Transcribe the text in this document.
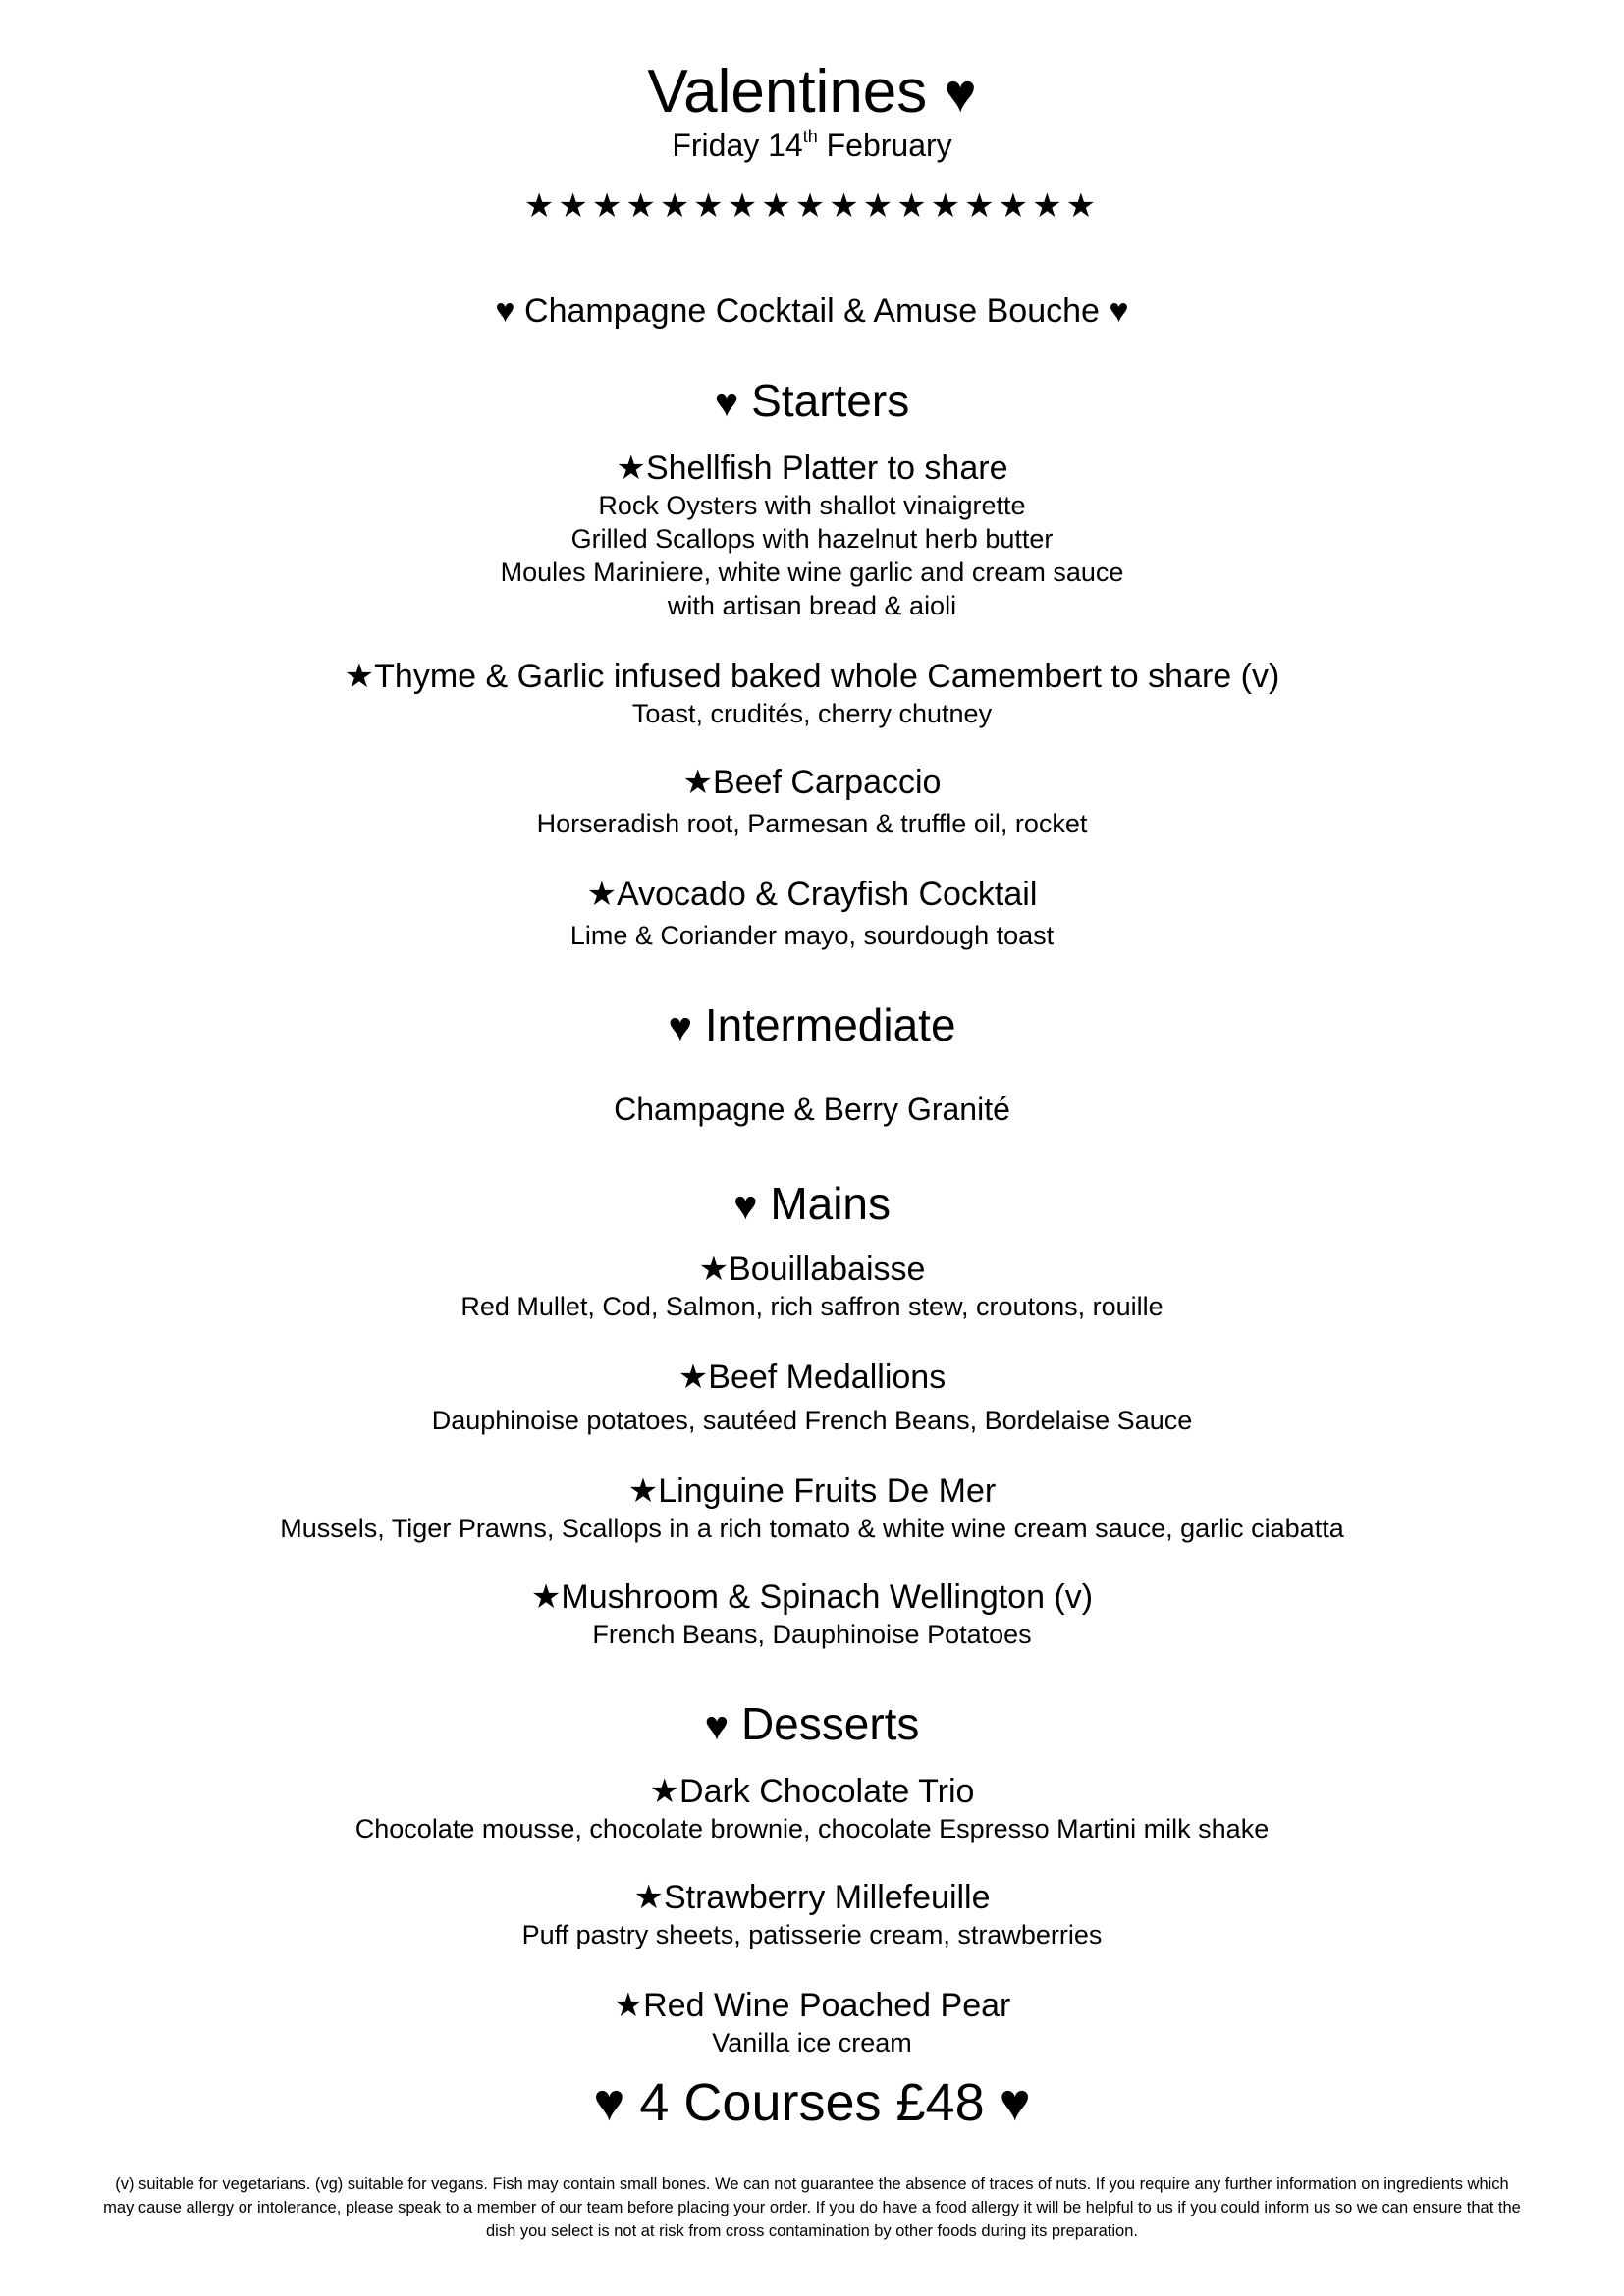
Valentines ♥
Friday 14th February
★★★★★★★★★★★★★★★★★
♥ Champagne Cocktail & Amuse Bouche ♥
♥ Starters
★Shellfish Platter to share
Rock Oysters with shallot vinaigrette
Grilled Scallops with hazelnut herb butter
Moules Mariniere, white wine garlic and cream sauce
with artisan bread & aioli
★Thyme & Garlic infused baked whole Camembert to share (v)
Toast, crudités, cherry chutney
★Beef Carpaccio
Horseradish root, Parmesan & truffle oil, rocket
★Avocado & Crayfish Cocktail
Lime & Coriander mayo, sourdough toast
♥ Intermediate
Champagne & Berry Granité
♥ Mains
★Bouillabaisse
Red Mullet, Cod, Salmon, rich saffron stew, croutons, rouille
★Beef Medallions
Dauphinoise potatoes, sautéed French Beans, Bordelaise Sauce
★Linguine Fruits De Mer
Mussels, Tiger Prawns, Scallops in a rich tomato & white wine cream sauce, garlic ciabatta
★Mushroom & Spinach Wellington (v)
French Beans, Dauphinoise Potatoes
♥ Desserts
★Dark Chocolate Trio
Chocolate mousse, chocolate brownie, chocolate Espresso Martini milk shake
★Strawberry Millefeuille
Puff pastry sheets, patisserie cream, strawberries
★Red Wine Poached Pear
Vanilla ice cream
♥ 4 Courses £48 ♥
(v) suitable for vegetarians. (vg) suitable for vegans. Fish may contain small bones. We can not guarantee the absence of traces of nuts. If you require any further information on ingredients which may cause allergy or intolerance, please speak to a member of our team before placing your order. If you do have a food allergy it will be helpful to us if you could inform us so we can ensure that the dish you select is not at risk from cross contamination by other foods during its preparation.
